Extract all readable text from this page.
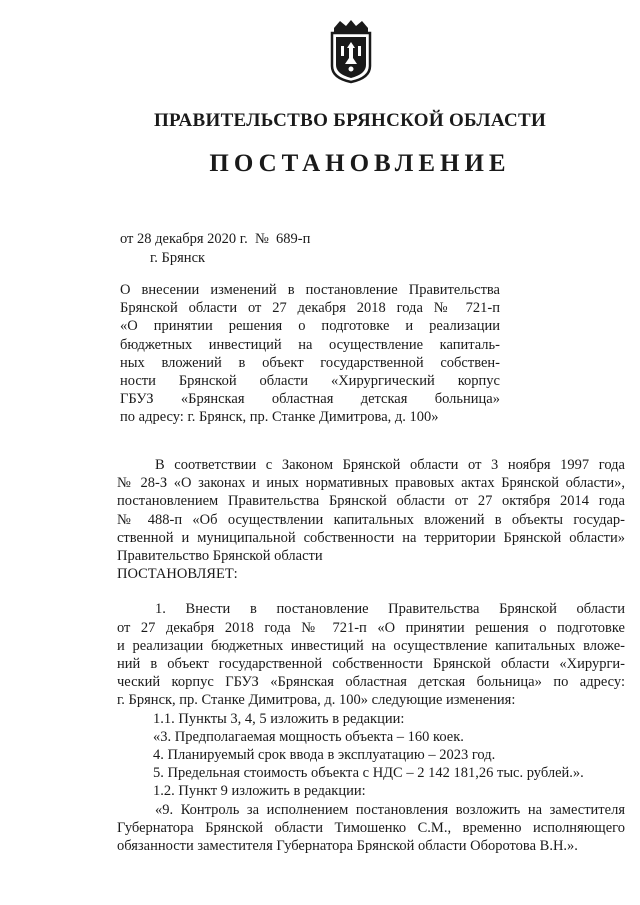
ПРАВИТЕЛЬСТВО БРЯНСКОЙ ОБЛАСТИ
ПОСТАНОВЛЕНИЕ
от 28 декабря 2020 г.  №  689-п
г. Брянск
О внесении изменений в постановление Правительства
Брянской области от 27 декабря 2018 года № 721-п
«О принятии решения о подготовке и реализации
бюджетных инвестиций на осуществление капиталь-
ных вложений в объект государственной собствен-
ности Брянской области «Хирургический корпус
ГБУЗ «Брянская областная детская больница»
по адресу: г. Брянск, пр. Станке Димитрова, д. 100»
В соответствии с Законом Брянской области от 3 ноября 1997 года
№ 28-З «О законах и иных нормативных правовых актах Брянской области»,
постановлением Правительства Брянской области от 27 октября 2014 года
№ 488-п «Об осуществлении капитальных вложений в объекты государ-
ственной и муниципальной собственности на территории Брянской области»
Правительство Брянской области
ПОСТАНОВЛЯЕТ:
1. Внести в постановление Правительства Брянской области
от 27 декабря 2018 года № 721-п «О принятии решения о подготовке
и реализации бюджетных инвестиций на осуществление капитальных вложе-
ний в объект государственной собственности Брянской области «Хирурги-
ческий корпус ГБУЗ «Брянская областная детская больница» по адресу:
г. Брянск, пр. Станке Димитрова, д. 100» следующие изменения:
1.1. Пункты 3, 4, 5 изложить в редакции:
«3. Предполагаемая мощность объекта – 160 коек.
4. Планируемый срок ввода в эксплуатацию – 2023 год.
5. Предельная стоимость объекта с НДС – 2 142 181,26 тыс. рублей.».
1.2. Пункт 9 изложить в редакции:
«9. Контроль за исполнением постановления возложить на заместителя
Губернатора Брянской области Тимошенко С.М., временно исполняющего
обязанности заместителя Губернатора Брянской области Оборотова В.Н.».
